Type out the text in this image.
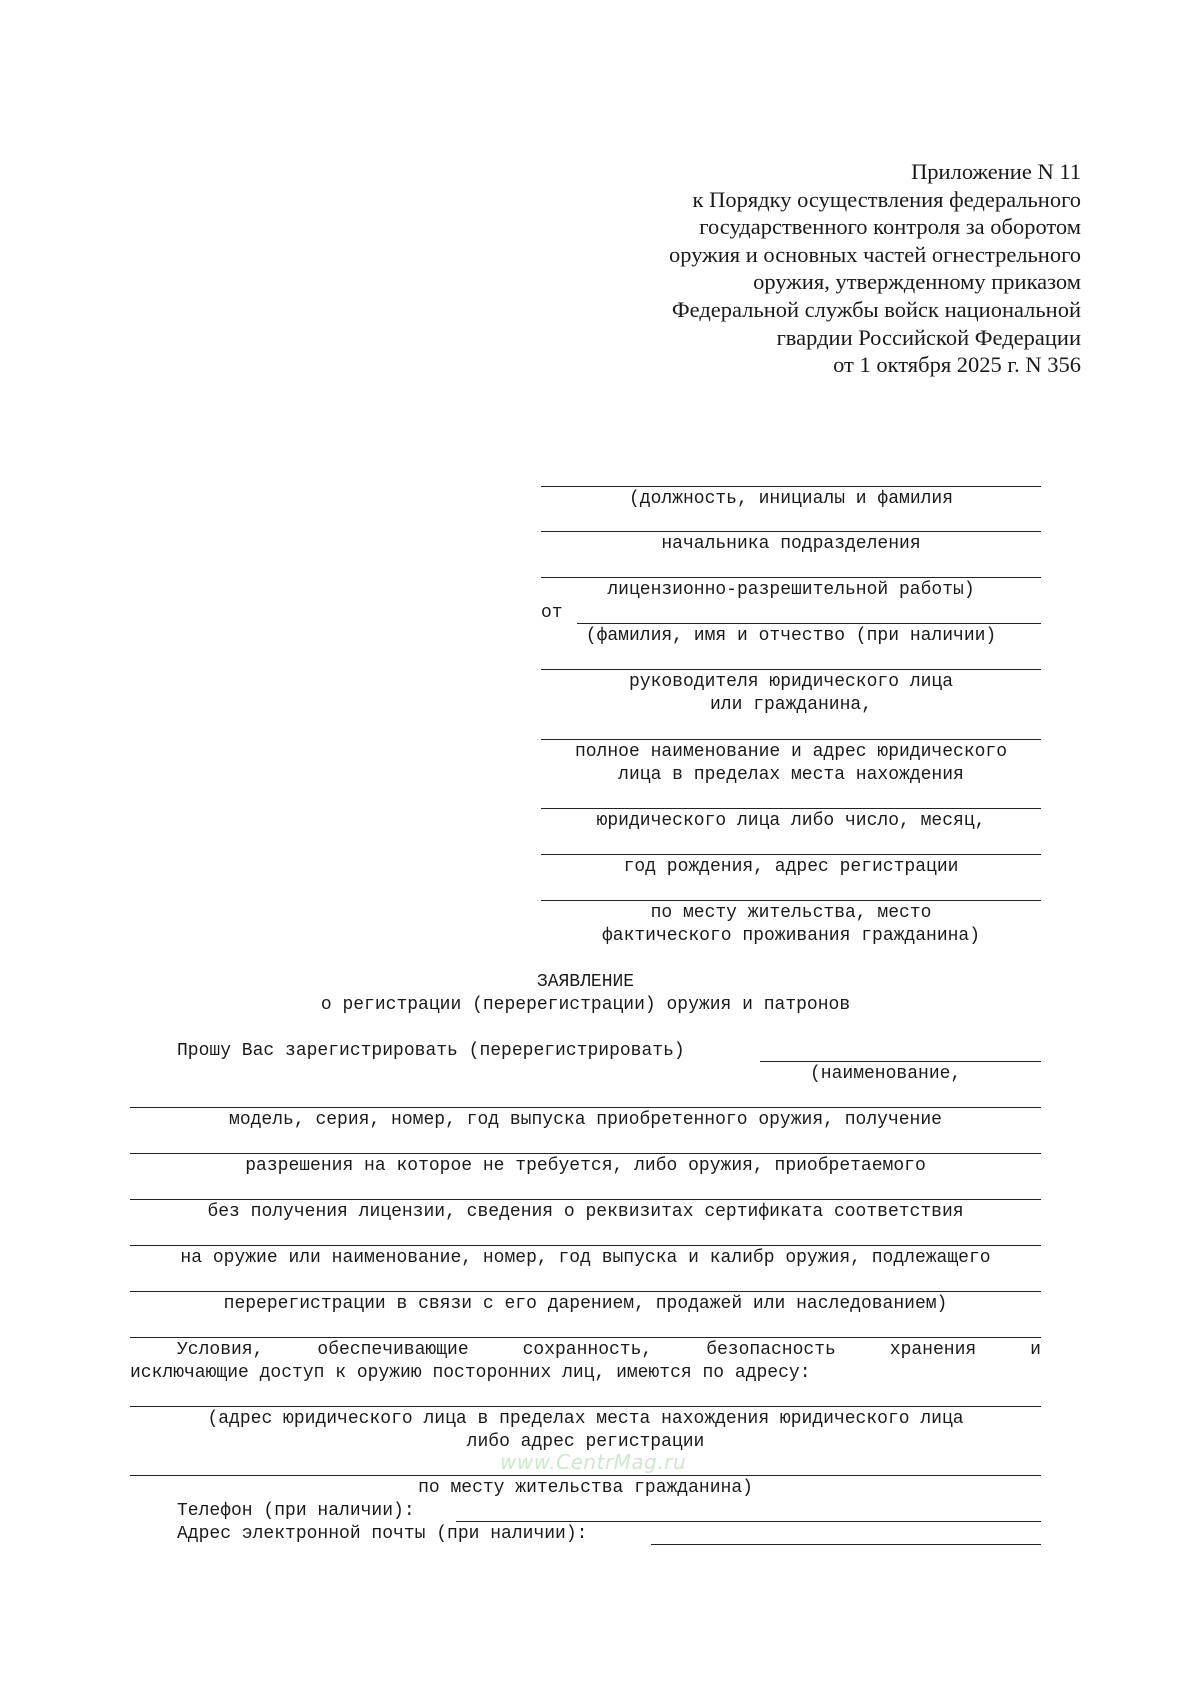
Приложение N 11
к Порядку осуществления федерального
государственного контроля за оборотом
оружия и основных частей огнестрельного
оружия, утвержденному приказом
Федеральной службы войск национальной
гвардии Российской Федерации
от 1 октября 2025 г. N 356
(должность, инициалы и фамилия
начальника подразделения
лицензионно-разрешительной работы)
от
(фамилия, имя и отчество (при наличии)
руководителя юридического лица
или гражданина,
полное наименование и адрес юридического
лица в пределах места нахождения
юридического лица либо число, месяц,
год рождения, адрес регистрации
по месту жительства, место
фактического проживания гражданина)
ЗАЯВЛЕНИЕ
о регистрации (перерегистрации) оружия и патронов
Прошу Вас зарегистрировать (перерегистрировать)
(наименование,
модель, серия, номер, год выпуска приобретенного оружия, получение
разрешения на которое не требуется, либо оружия, приобретаемого
без получения лицензии, сведения о реквизитах сертификата соответствия
на оружие или наименование, номер, год выпуска и калибр оружия, подлежащего
перерегистрации в связи с его дарением, продажей или наследованием)
Условия,	обеспечивающие	сохранность,	безопасность	хранения	и
исключающие доступ к оружию посторонних лиц, имеются по адресу:
(адрес юридического лица в пределах места нахождения юридического лица
либо адрес регистрации
по месту жительства гражданина)
Телефон (при наличии):
Адрес электронной почты (при наличии):
www.CentrMag.ru
